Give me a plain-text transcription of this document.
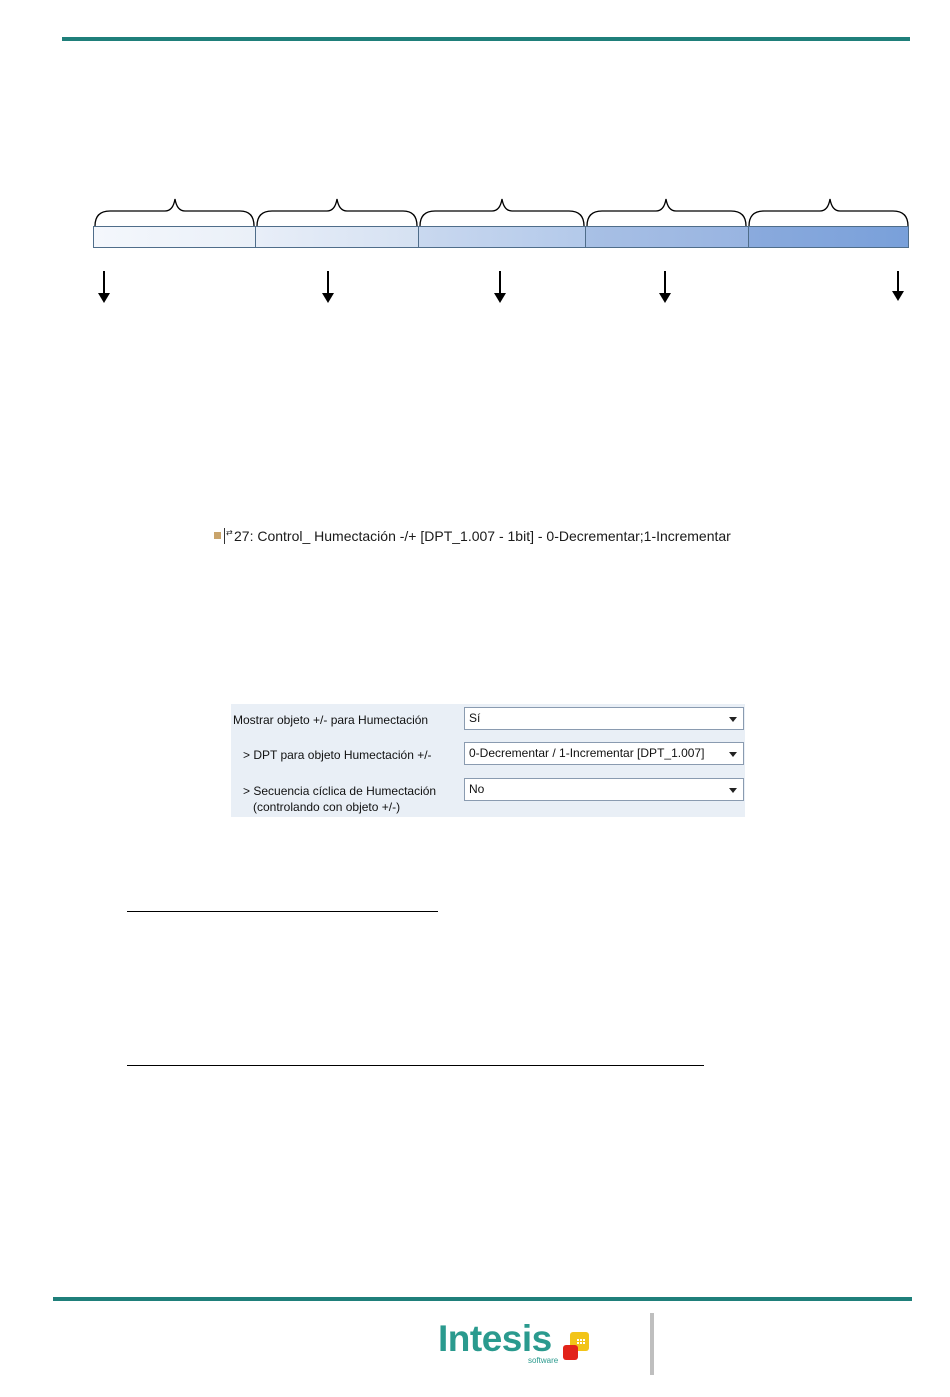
⇄ 27: Control_ Humectación -/+ [DPT_1.007 - 1bit] - 0-Decrementar;1-Incrementar
Mostrar objeto +/- para Humectación	Sí
> DPT para objeto Humectación +/-	0-Decrementar / 1-Incrementar [DPT_1.007]
> Secuencia cíclica de Humectación
(controlando con objeto +/-)
No
Intesis
software
